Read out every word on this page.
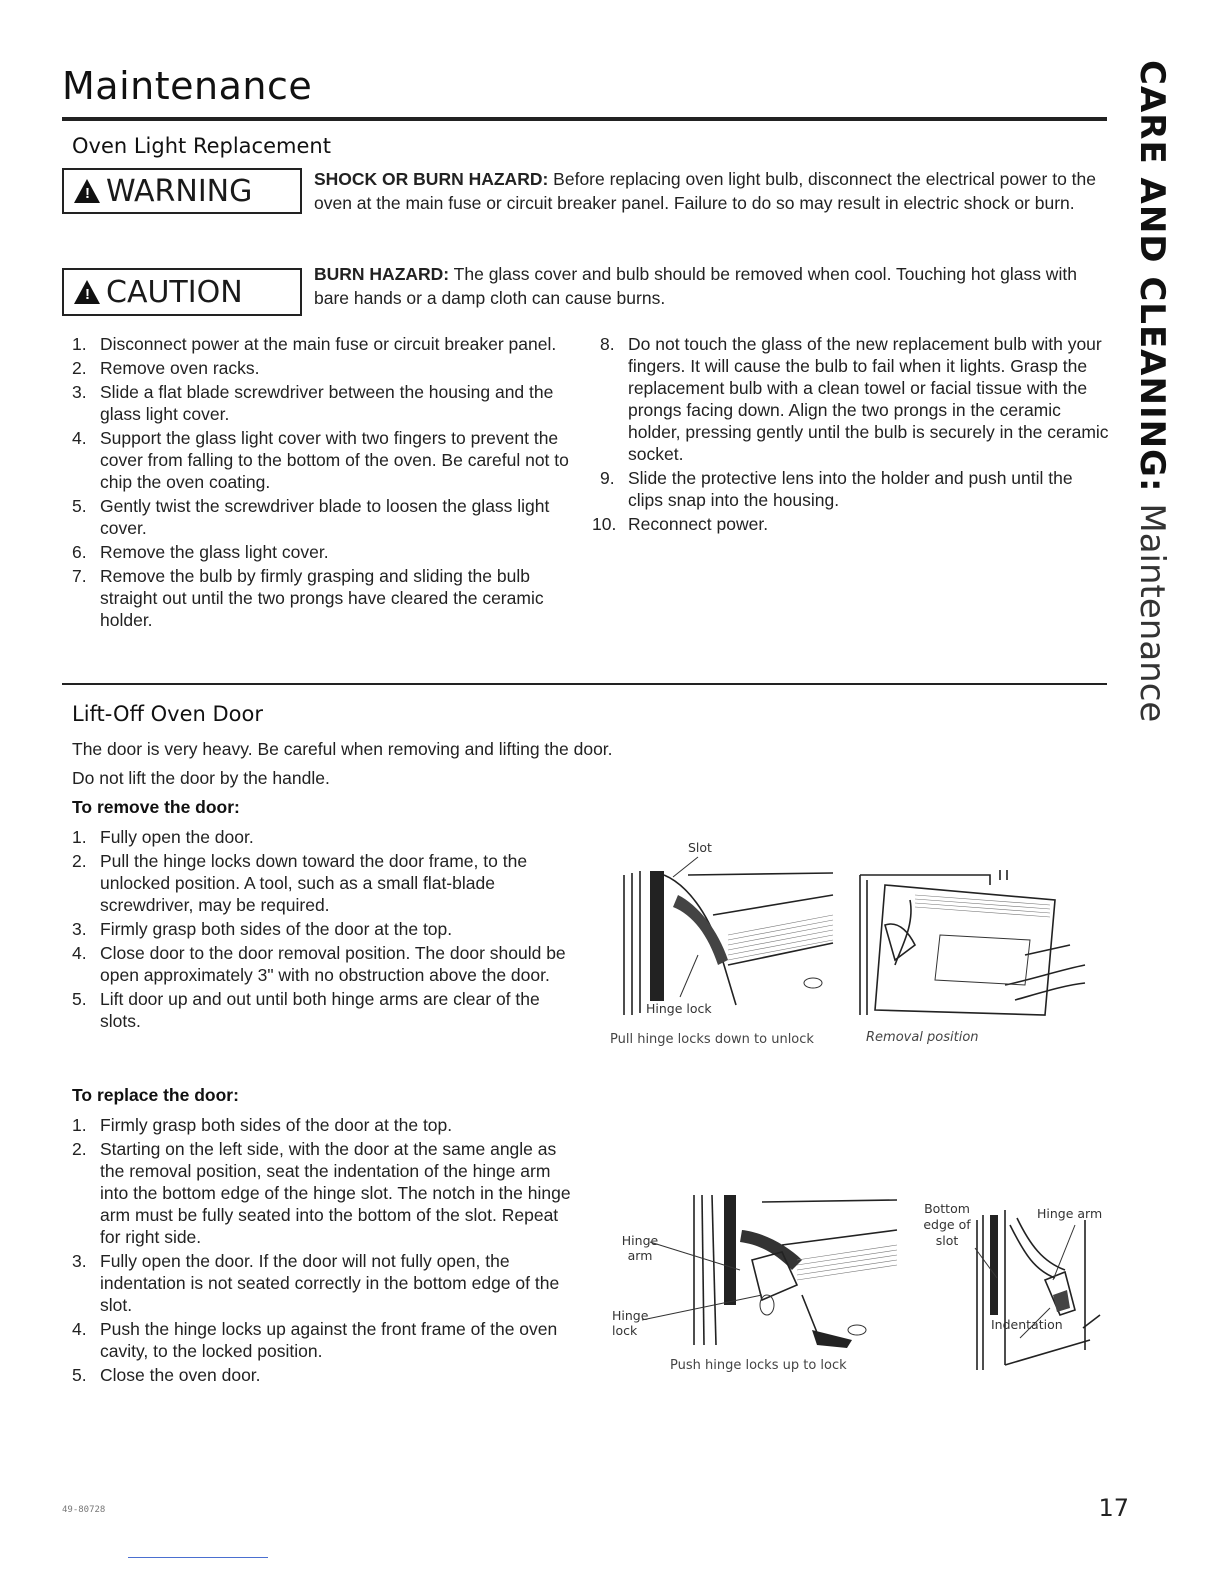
Maintenance	CARE AND CLEANING: Maintenance
Oven Light Replacement
! WARNING	SHOCK OR BURN HAZARD: Before replacing oven light bulb, disconnect the electrical power to the oven at the main fuse or circuit breaker panel. Failure to do so may result in electric shock or burn.
! CAUTION
BURN HAZARD: The glass cover and bulb should be removed when cool. Touching hot glass with bare hands or a damp cloth can cause burns.
1. Disconnect power at the main fuse or circuit breaker panel.
2. Remove oven racks.
3. Slide a flat blade screwdriver between the housing and the glass light cover.
4. Support the glass light cover with two fingers to prevent the cover from falling to the bottom of the oven. Be careful not to chip the oven coating.
5. Gently twist the screwdriver blade to loosen the glass light cover.
6. Remove the glass light cover.
7. Remove the bulb by firmly grasping and sliding the bulb straight out until the two prongs have cleared the ceramic holder.
8. Do not touch the glass of the new replacement bulb with your fingers. It will cause the bulb to fail when it lights. Grasp the replacement bulb with a clean towel or facial tissue with the prongs facing down. Align the two prongs in the ceramic holder, pressing gently until the bulb is securely in the ceramic socket.
9. Slide the protective lens into the holder and push until the clips snap into the housing.
10. Reconnect power.
Lift-Off Oven Door
The door is very heavy. Be careful when removing and lifting the door.
Do not lift the door by the handle.
To remove the door:
1. Fully open the door.
2. Pull the hinge locks down toward the door frame, to the unlocked position. A tool, such as a small flat-blade screwdriver, may be required.
3. Firmly grasp both sides of the door at the top.
4. Close door to the door removal position. The door should be open approximately 3" with no obstruction above the door.
5. Lift door up and out until both hinge arms are clear of the slots.
To replace the door:
1. Firmly grasp both sides of the door at the top.
2. Starting on the left side, with the door at the same angle as the removal position, seat the indentation of the hinge arm into the bottom edge of the hinge slot. The notch in the hinge arm must be fully seated into the bottom of the slot. Repeat for right side.
3. Fully open the door. If the door will not fully open, the indentation is not seated correctly in the bottom edge of the slot.
4. Push the hinge locks up against the front frame of the oven cavity, to the locked position.
5. Close the oven door.
Slot
Hinge lock
Pull hinge locks down to unlock	Removal position
Hinge arm
Hinge lock
Push hinge locks up to lock
Bottom edge of slot
Hinge arm
Indentation
49-80728	17
